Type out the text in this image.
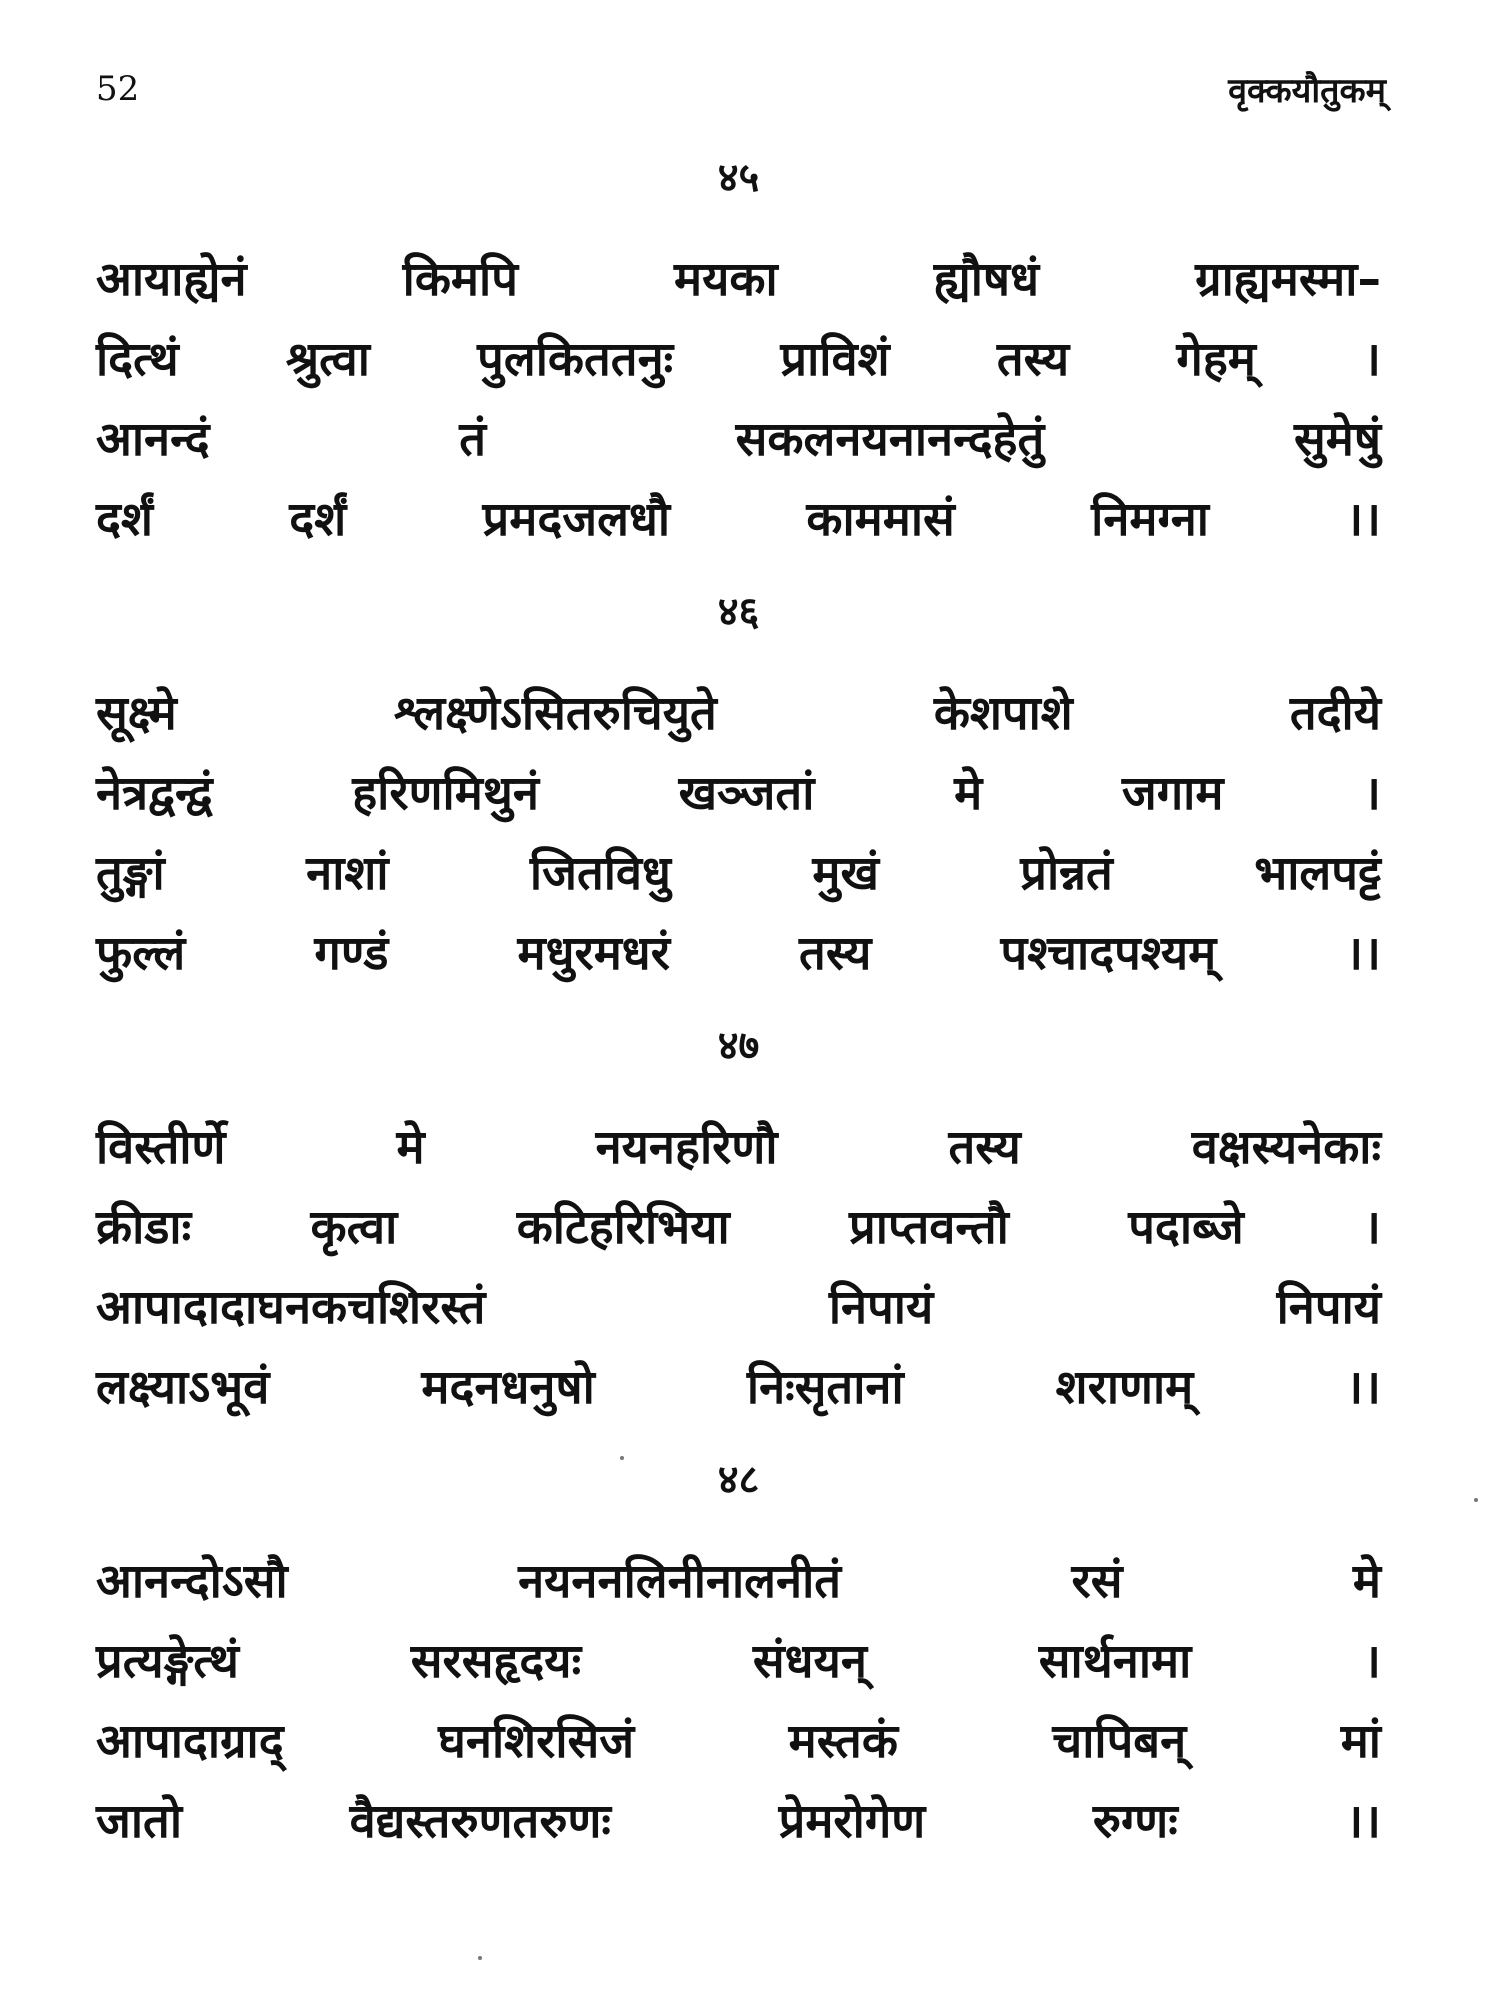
52	वृक्कयौतुकम्
४५
आयाह्येनं	किमपि	मयका	ह्यौषधं	ग्राह्यमस्मा–
दित्थं श्रुत्वा पुलकिततनुः प्राविशं तस्य गेहम् ।
आनन्दं	तं	सकलनयनानन्दहेतुं	सुमेषुं
दर्शं	दर्शं	प्रमदजलधौ	काममासं	निमग्ना	।।
४६
सूक्ष्मे	श्लक्ष्णेऽसितरुचियुते	केशपाशे	तदीये
नेत्रद्वन्द्वं	हरिणमिथुनं	खञ्जतां	मे	जगाम	।
तुङ्गां	नाशां	जितविधु	मुखं	प्रोन्नतं	भालपट्टं
फुल्लं	गण्डं	मधुरमधरं	तस्य	पश्चादपश्यम्	।।
४७
विस्तीर्णे	मे	नयनहरिणौ	तस्य	वक्षस्यनेकाः
क्रीडाः	कृत्वा	कटिहरिभिया	प्राप्तवन्तौ	पदाब्जे	।
आपादादाघनकचशिरस्तं	निपायं	निपायं
लक्ष्याऽभूवं	मदनधनुषो	निःसृतानां	शराणाम्	।।
४८
आनन्दोऽसौ	नयननलिनीनालनीतं	रसं	मे
प्रत्यङ्गेत्थं	सरसहृदयः	संधयन्	सार्थनामा	।
आपादाग्राद्	घनशिरसिजं	मस्तकं	चापिबन्	मां
जातो	वैद्यस्तरुणतरुणः	प्रेमरोगेण	रुग्णः	।।
